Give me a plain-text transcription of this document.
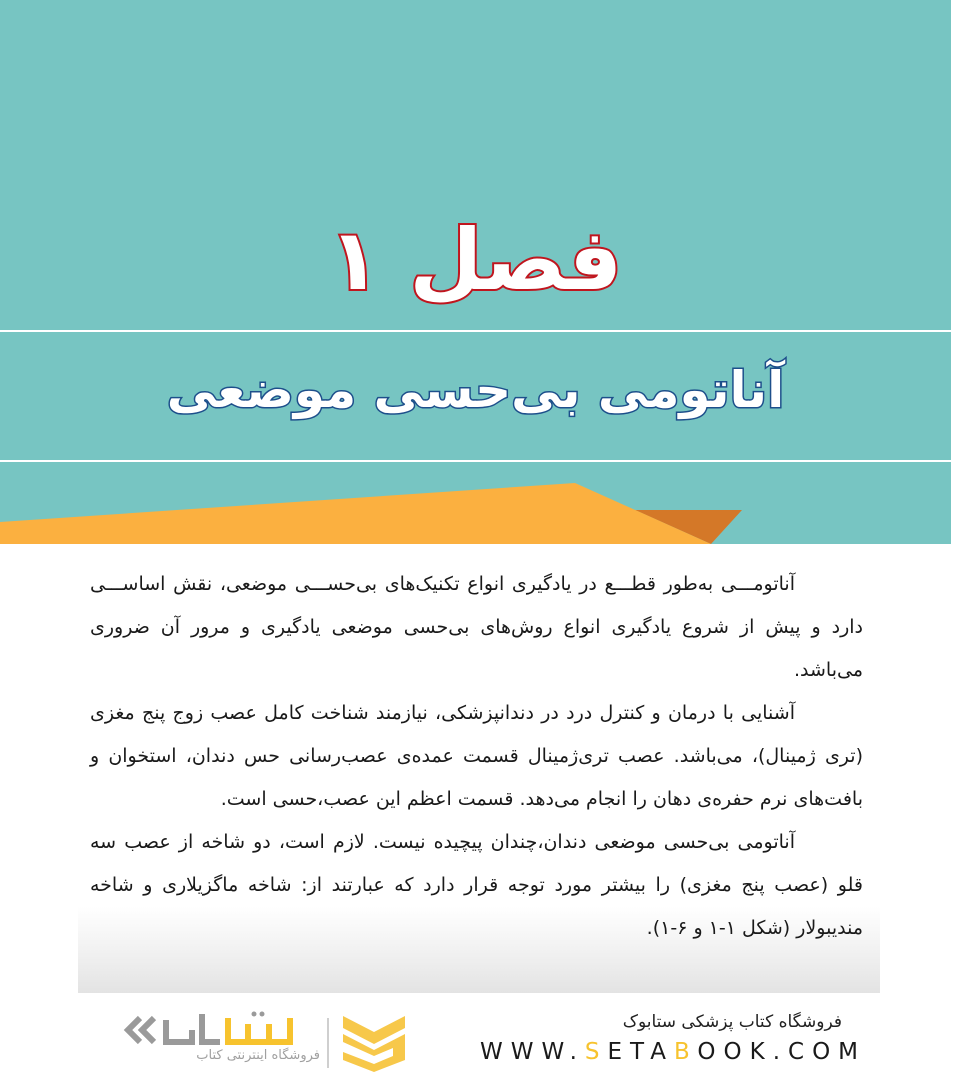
فصل ۱
آناتومی بی‌حسی موضعی

آناتومـــی به‌طور قطـــع در یادگیری انواع تکنیک‌های بی‌حســـی موضعی، نقش اساســـی دارد و پیش از شروع یادگیری انواع روش‌های بی‌حسی موضعی یادگیری و مرور آن ضروری می‌باشد.

آشنایی با درمان و کنترل درد در دندانپزشکی، نیازمند شناخت کامل عصب زوج پنج مغزی (تری ژمینال)، می‌باشد. عصب تری‌ژمینال قسمت عمده‌ی عصب‌رسانی حس دندان، استخوان و بافت‌های نرم حفره‌ی دهان را انجام می‌دهد. قسمت اعظم این عصب،حسی است.

آناتومی بی‌حسی موضعی دندان،چندان پیچیده نیست. لازم است، دو شاخه از عصب سه قلو (عصب پنج مغزی) را بیشتر مورد توجه قرار دارد که عبارتند از: شاخه ماگزیلاری و شاخه مندیبولار (شکل ۱-۱ و ۶-۱).

فروشگاه اینترنتی کتاب
فروشگاه کتاب پزشکی ستابوک
WWW.SETABOOK.COM
